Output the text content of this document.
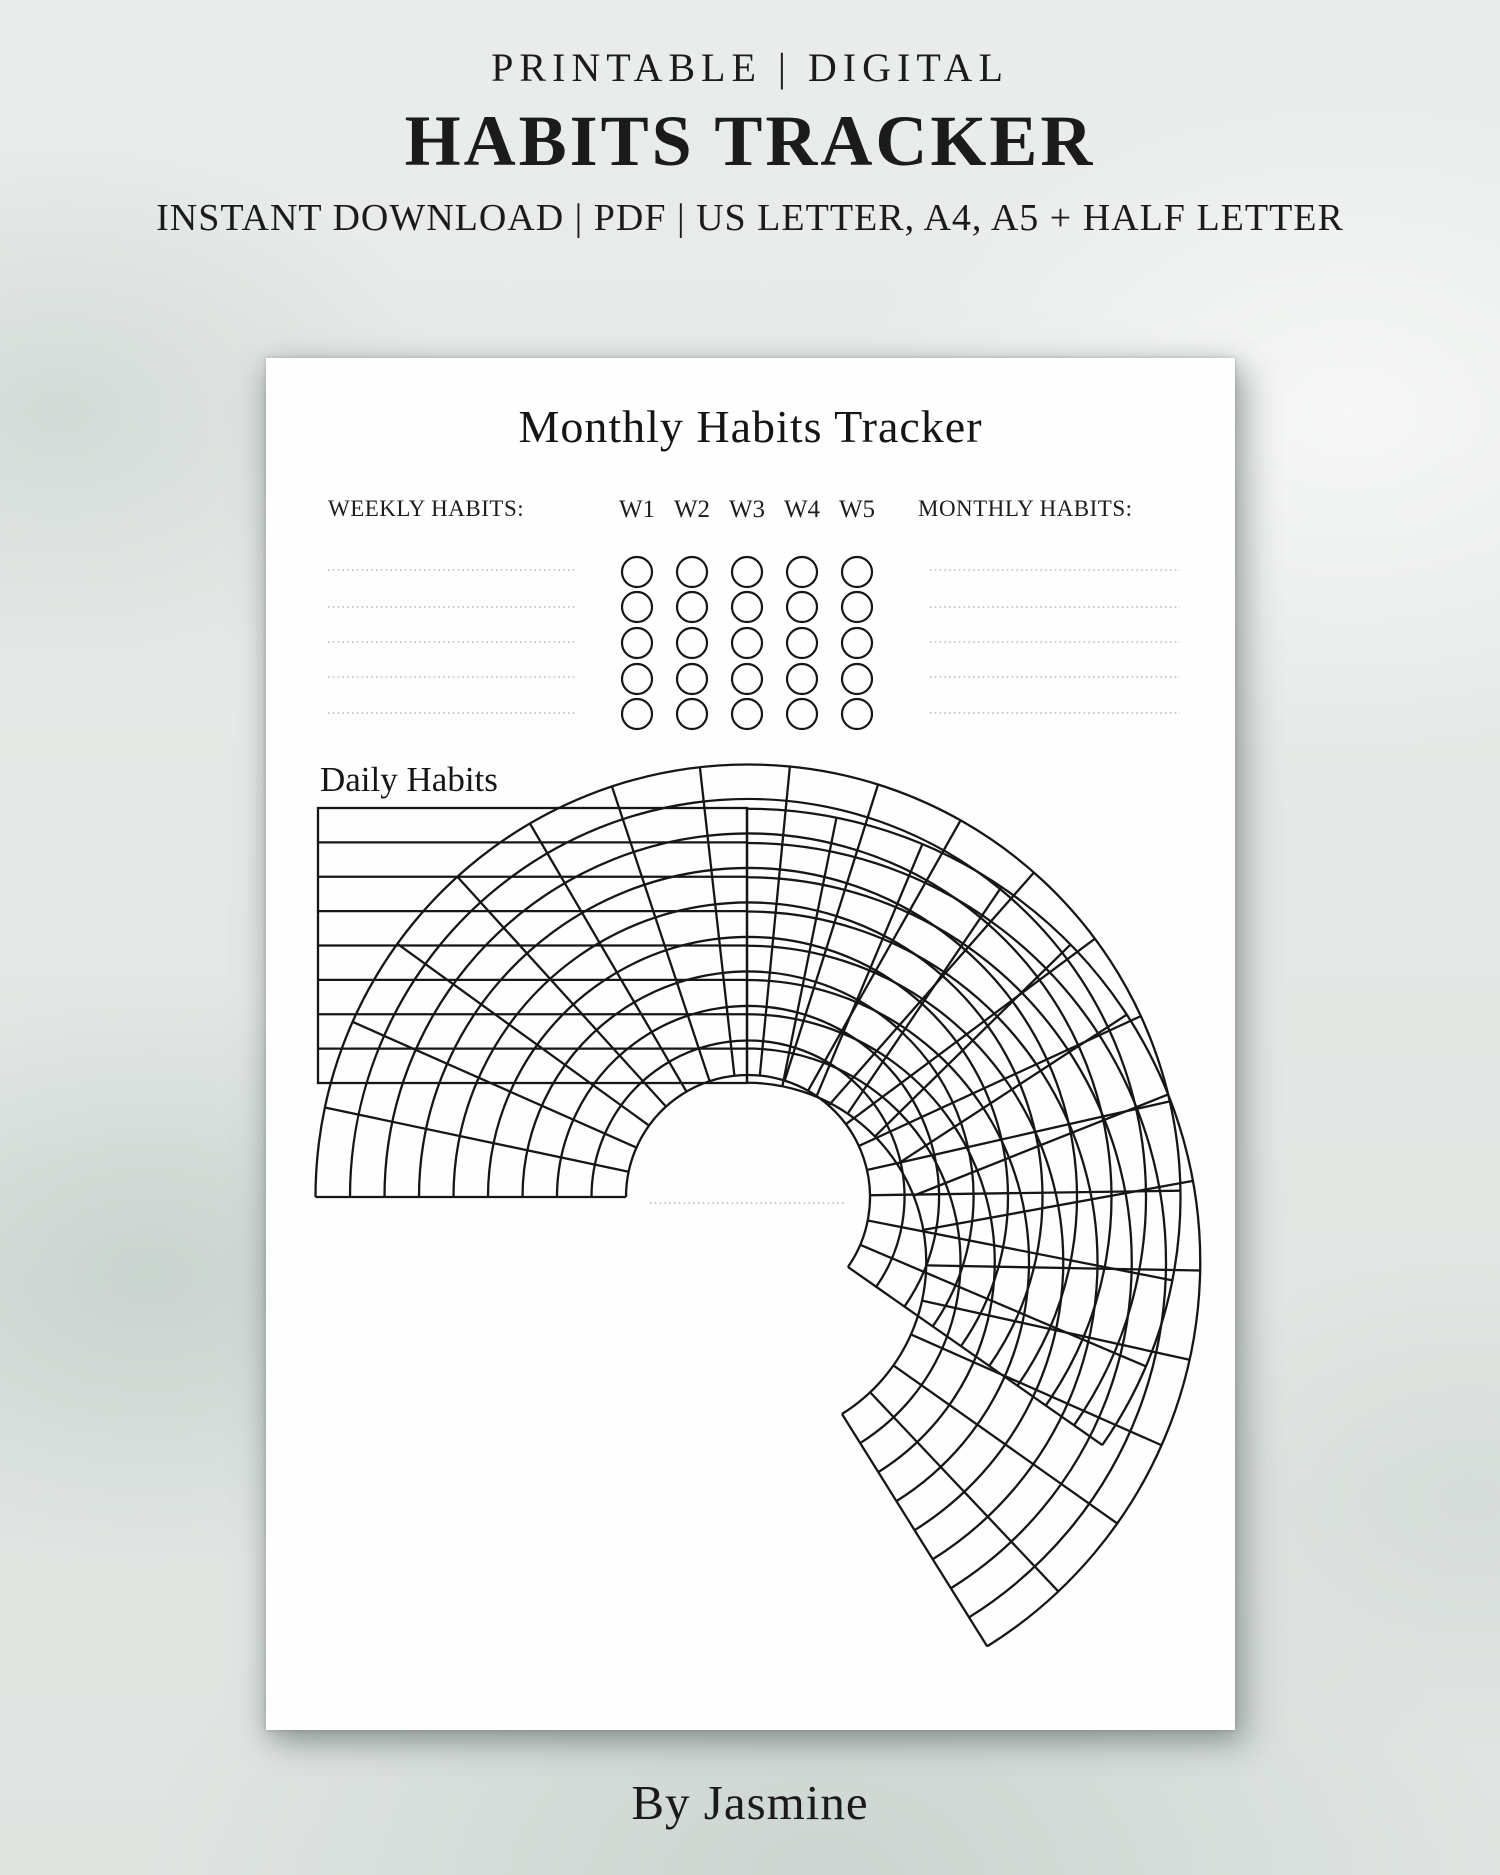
PRINTABLE | DIGITAL
HABITS TRACKER
INSTANT DOWNLOAD | PDF | US LETTER, A4, A5 + HALF LETTER
Monthly Habits Tracker
WEEKLY HABITS:	W1 W2 W3 W4 W5 MONTHLY HABITS:
Daily Habits
By Jasmine
